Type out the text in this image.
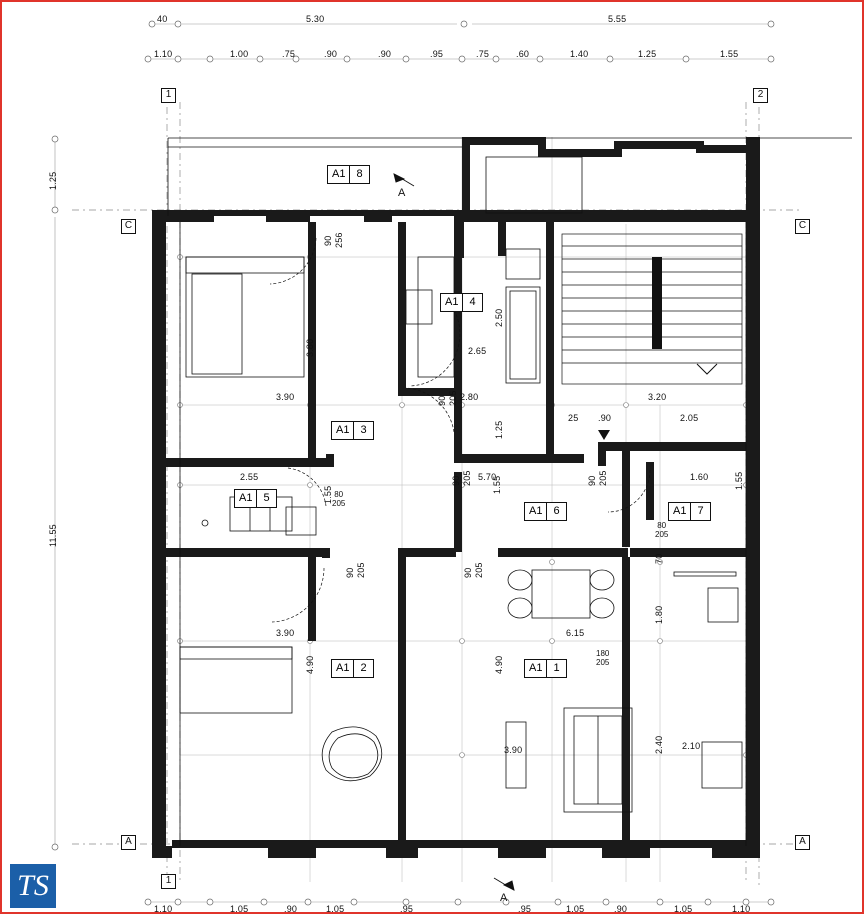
1	2
1
C	C
A	A
A
A
40	5.30	5.55
1.10	1.00	.75	.90	.90	.95	.75	.60	1.40	1.25	1.55
1.10	1.05	.90	1.05	.95	.95	1.05	.90	1.05	1.10
1.25
11.55
3.80
3.90
2.50
2.65
2.80
1.25
5.70
3.20
2.05
25 .90
2.55
1.55
1.60	1.55
1.55
3.90
4.90	4.90
6.15
1.80
2.40 2.10
3.90
70
90 256
90 205
80
205
90 205	90 205
90 205	90 205
80
205
180
205
A1	8
A1	4
A1	3
A1	5
A1	6	A1	7
A1	2	A1	1
TS
